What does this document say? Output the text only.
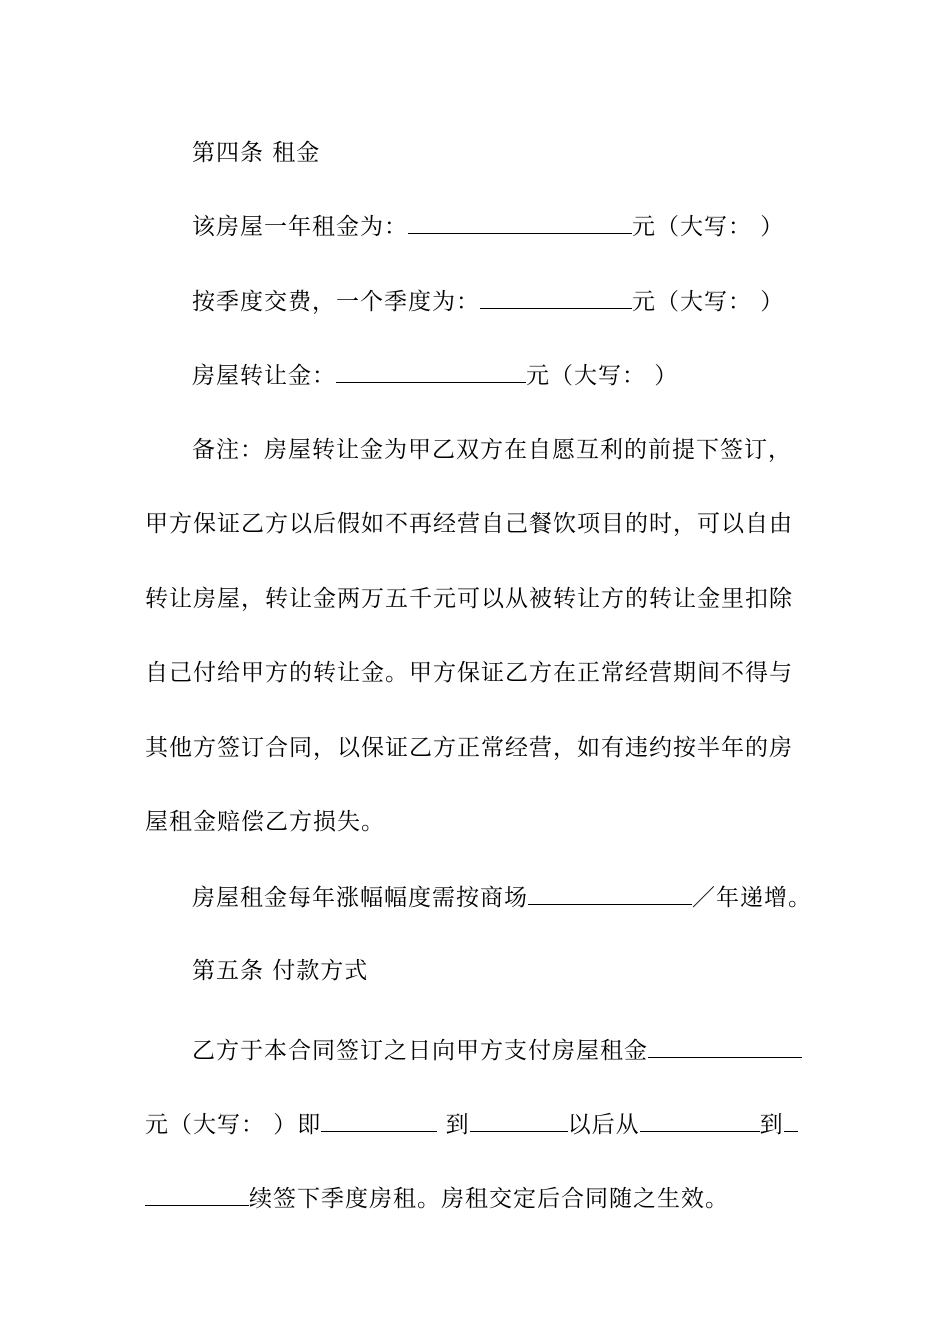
第四条 租金
该房屋一年租金为：	元（大写： ）
按季度交费，一个季度为：	元（大写： ）
房屋转让金：	元（大写： ）
备注：房屋转让金为甲乙双方在自愿互利的前提下签订，
甲方保证乙方以后假如不再经营自己餐饮项目的时，可以自由
转让房屋，转让金两万五千元可以从被转让方的转让金里扣除
自己付给甲方的转让金。甲方保证乙方在正常经营期间不得与
其他方签订合同，以保证乙方正常经营，如有违约按半年的房
屋租金赔偿乙方损失。
房屋租金每年涨幅幅度需按商场	／年递增。
第五条 付款方式
乙方于本合同签订之日向甲方支付房屋租金
元（大写： ）即	到	以后从	到
续签下季度房租。房租交定后合同随之生效。
